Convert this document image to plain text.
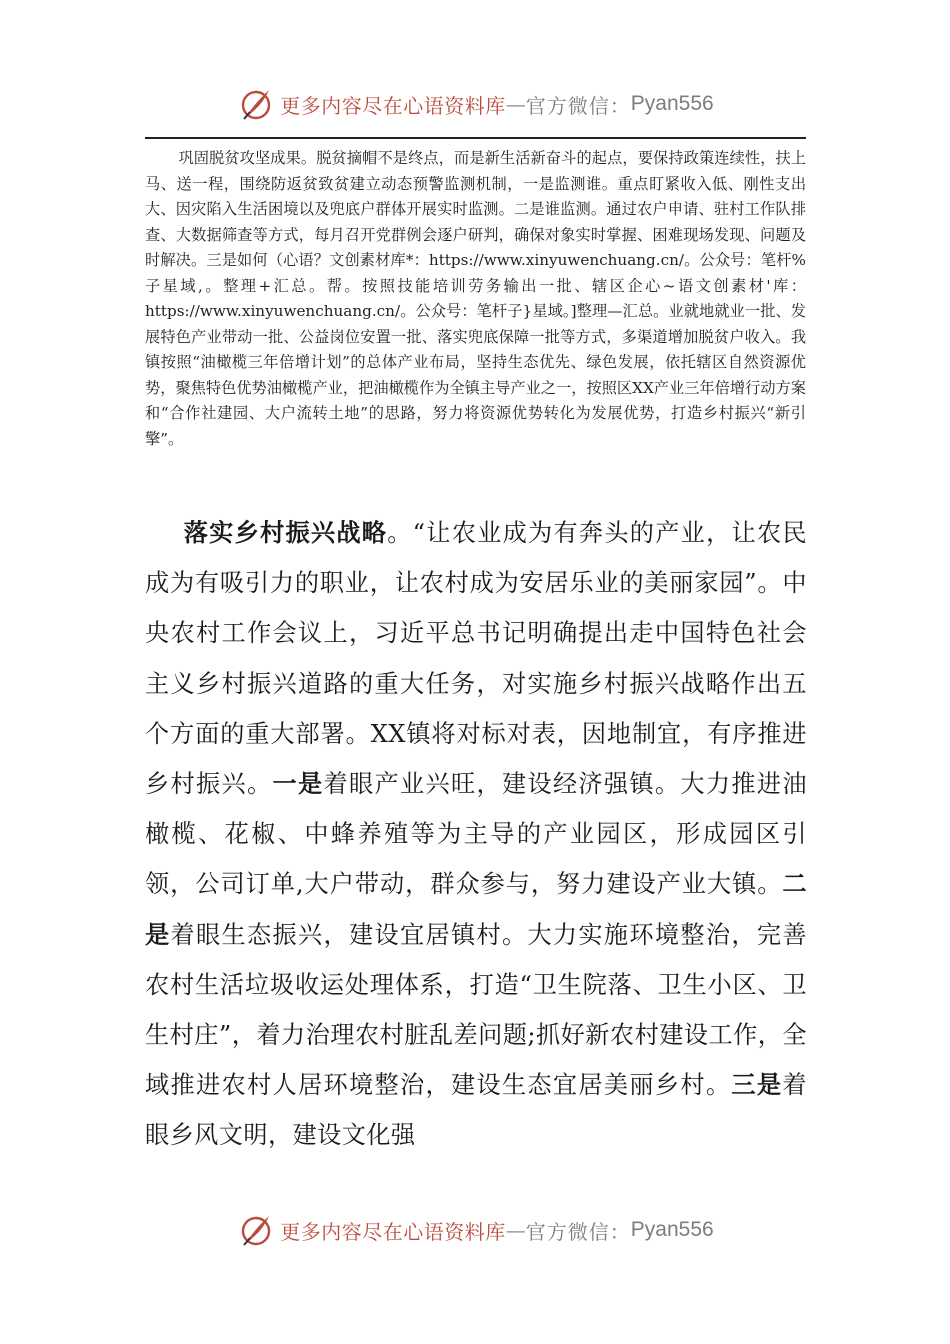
更多内容尽在心语资料库 — 官方微信： Pyan556

巩固脱贫攻坚成果。脱贫摘帽不是终点，而是新生活新奋斗的起点，要保持政策连续性，扶上马、送一程，围绕防返贫致贫建立动态预警监测机制，一是监测谁。重点盯紧收入低、刚性支出大、因灾陷入生活困境以及兜底户群体开展实时监测。二是谁监测。通过农户申请、驻村工作队排查、大数据筛查等方式，每月召开党群例会逐户研判，确保对象实时掌握、困难现场发现、问题及时解决。三是如何（心语？文创素材库*：https://www.xinyuwenchuang.cn/。公众号：笔杆%子星域,。整理+汇总。帮。按照技能培训劳务输出一批、辖区企心~语文创素材'库：https://www.xinyuwenchuang.cn/。公众号：笔杆子}星域。]整理—汇总。业就地就业一批、发展特色产业带动一批、公益岗位安置一批、落实兜底保障一批等方式，多渠道增加脱贫户收入。我镇按照“油橄榄三年倍增计划”的总体产业布局，坚持生态优先、绿色发展，依托辖区自然资源优势，聚焦特色优势油橄榄产业，把油橄榄作为全镇主导产业之一，按照区XX产业三年倍增行动方案和“合作社建园、大户流转土地”的思路，努力将资源优势转化为发展优势，打造乡村振兴“新引擎”。

落实乡村振兴战略。“让农业成为有奔头的产业，让农民成为有吸引力的职业，让农村成为安居乐业的美丽家园”。中央农村工作会议上，习近平总书记明确提出走中国特色社会主义乡村振兴道路的重大任务，对实施乡村振兴战略作出五个方面的重大部署。XX镇将对标对表，因地制宜，有序推进乡村振兴。一是着眼产业兴旺，建设经济强镇。大力推进油橄榄、花椒、中蜂养殖等为主导的产业园区，形成园区引领，公司订单,大户带动，群众参与，努力建设产业大镇。二是着眼生态振兴，建设宜居镇村。大力实施环境整治，完善农村生活垃圾收运处理体系，打造“卫生院落、卫生小区、卫生村庄”，着力治理农村脏乱差问题;抓好新农村建设工作，全域推进农村人居环境整治，建设生态宜居美丽乡村。三是着眼乡风文明，建设文化强

更多内容尽在心语资料库 — 官方微信： Pyan556
